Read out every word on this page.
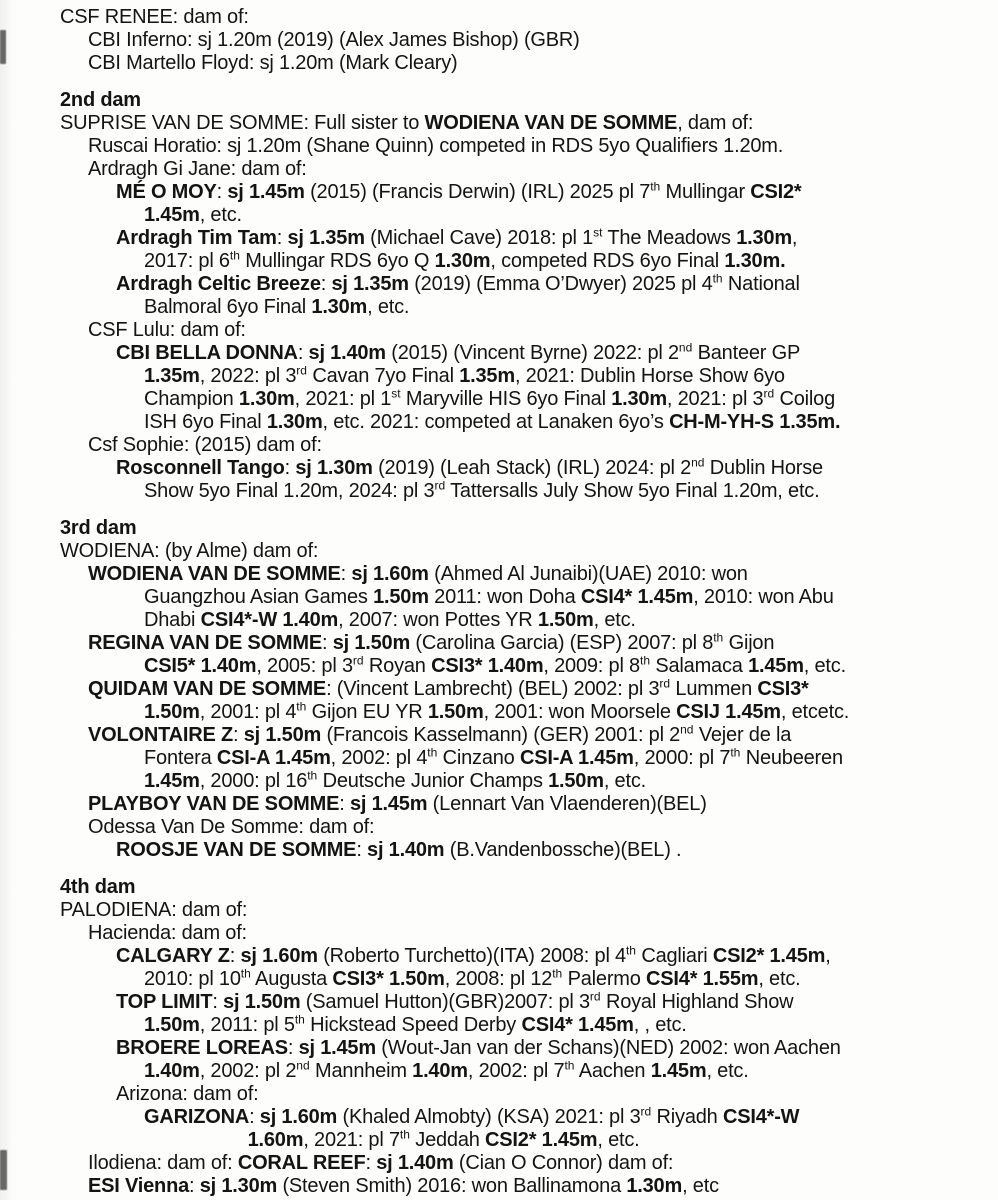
CSF RENEE: dam of:
CBI Inferno: sj 1.20m (2019) (Alex James Bishop) (GBR)
CBI Martello Floyd: sj 1.20m (Mark Cleary)
2nd dam
SUPRISE VAN DE SOMME: Full sister to WODIENA VAN DE SOMME, dam of:
Ruscai Horatio: sj 1.20m (Shane Quinn) competed in RDS 5yo Qualifiers 1.20m.
Ardragh Gi Jane: dam of:
MÉ O MOY: sj 1.45m (2015) (Francis Derwin) (IRL) 2025 pl 7th Mullingar CSI2*
1.45m, etc.
Ardragh Tim Tam: sj 1.35m (Michael Cave) 2018: pl 1st The Meadows 1.30m,
2017: pl 6th Mullingar RDS 6yo Q 1.30m, competed RDS 6yo Final 1.30m.
Ardragh Celtic Breeze: sj 1.35m (2019) (Emma O’Dwyer) 2025 pl 4th National
Balmoral 6yo Final 1.30m, etc.
CSF Lulu: dam of:
CBI BELLA DONNA: sj 1.40m (2015) (Vincent Byrne) 2022: pl 2nd Banteer GP
1.35m, 2022: pl 3rd Cavan 7yo Final 1.35m, 2021: Dublin Horse Show 6yo
Champion 1.30m, 2021: pl 1st Maryville HIS 6yo Final 1.30m, 2021: pl 3rd Coilog
ISH 6yo Final 1.30m, etc. 2021: competed at Lanaken 6yo’s CH-M-YH-S 1.35m.
Csf Sophie: (2015) dam of:
Rosconnell Tango: sj 1.30m (2019) (Leah Stack) (IRL) 2024: pl 2nd Dublin Horse
Show 5yo Final 1.20m, 2024: pl 3rd Tattersalls July Show 5yo Final 1.20m, etc.
3rd dam
WODIENA: (by Alme) dam of:
WODIENA VAN DE SOMME: sj 1.60m (Ahmed Al Junaibi)(UAE) 2010: won
Guangzhou Asian Games 1.50m 2011: won Doha CSI4* 1.45m, 2010: won Abu
Dhabi CSI4*-W 1.40m, 2007: won Pottes YR 1.50m, etc.
REGINA VAN DE SOMME: sj 1.50m (Carolina Garcia) (ESP) 2007: pl 8th Gijon
CSI5* 1.40m, 2005: pl 3rd Royan CSI3* 1.40m, 2009: pl 8th Salamaca 1.45m, etc.
QUIDAM VAN DE SOMME: (Vincent Lambrecht) (BEL) 2002: pl 3rd Lummen CSI3*
1.50m, 2001: pl 4th Gijon EU YR 1.50m, 2001: won Moorsele CSIJ 1.45m, etcetc.
VOLONTAIRE Z: sj 1.50m (Francois Kasselmann) (GER) 2001: pl 2nd Vejer de la
Fontera CSI-A 1.45m, 2002: pl 4th Cinzano CSI-A 1.45m, 2000: pl 7th Neubeeren
1.45m, 2000: pl 16th Deutsche Junior Champs 1.50m, etc.
PLAYBOY VAN DE SOMME: sj 1.45m (Lennart Van Vlaenderen)(BEL)
Odessa Van De Somme: dam of:
ROOSJE VAN DE SOMME: sj 1.40m (B.Vandenbossche)(BEL) .
4th dam
PALODIENA: dam of:
Hacienda: dam of:
CALGARY Z: sj 1.60m (Roberto Turchetto)(ITA) 2008: pl 4th Cagliari CSI2* 1.45m,
2010: pl 10th Augusta CSI3* 1.50m, 2008: pl 12th Palermo CSI4* 1.55m, etc.
TOP LIMIT: sj 1.50m (Samuel Hutton)(GBR)2007: pl 3rd Royal Highland Show
1.50m, 2011: pl 5th Hickstead Speed Derby CSI4* 1.45m, , etc.
BROERE LOREAS: sj 1.45m (Wout-Jan van der Schans)(NED) 2002: won Aachen
1.40m, 2002: pl 2nd Mannheim 1.40m, 2002: pl 7th Aachen 1.45m, etc.
Arizona: dam of:
GARIZONA: sj 1.60m (Khaled Almobty) (KSA) 2021: pl 3rd Riyadh CSI4*-W
1.60m, 2021: pl 7th Jeddah CSI2* 1.45m, etc.
Ilodiena: dam of: CORAL REEF: sj 1.40m (Cian O Connor) dam of:
ESI Vienna: sj 1.30m (Steven Smith) 2016: won Ballinamona 1.30m, etc
